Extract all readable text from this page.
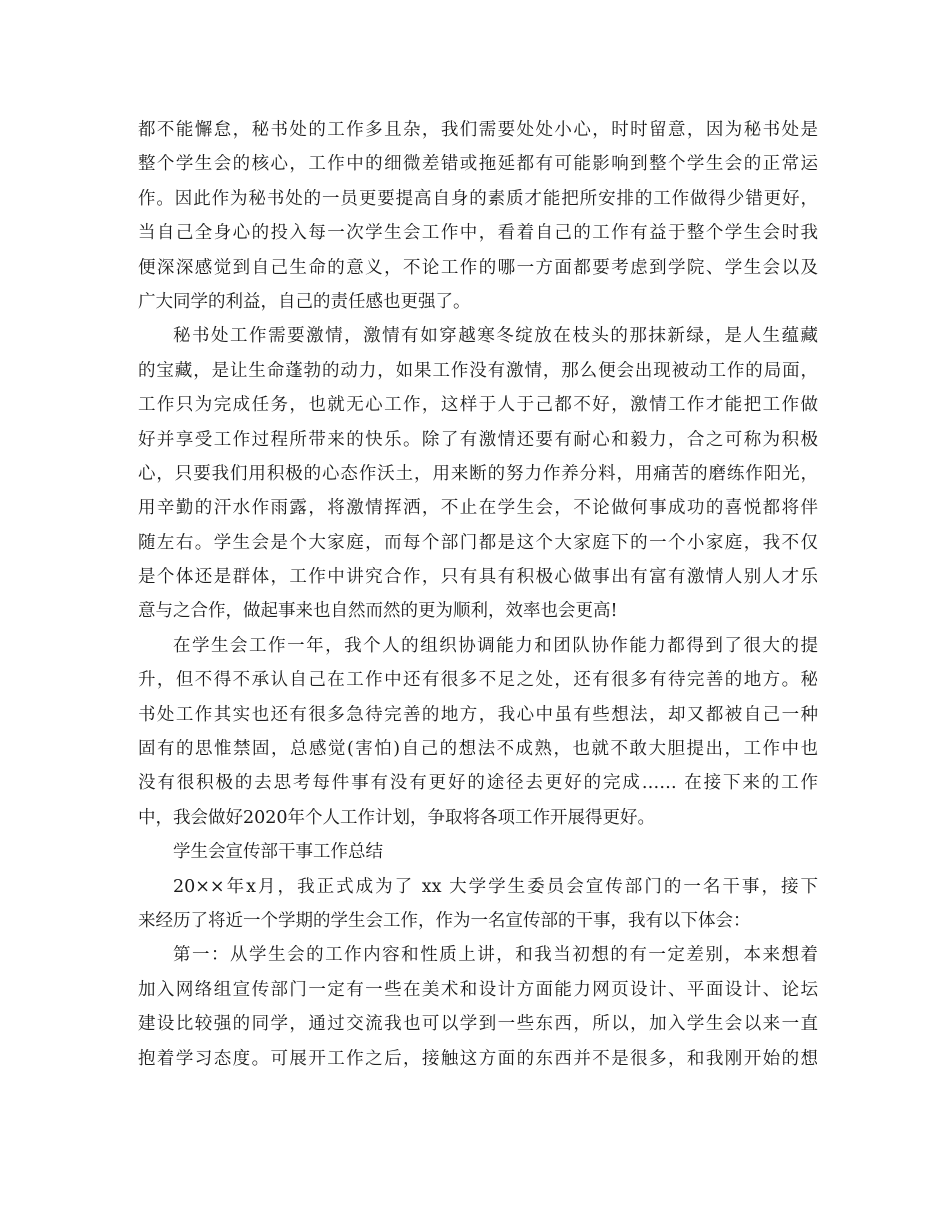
都不能懈怠，秘书处的工作多且杂，我们需要处处小心，时时留意，因为秘书处是
整个学生会的核心，工作中的细微差错或拖延都有可能影响到整个学生会的正常运
作。因此作为秘书处的一员更要提高自身的素质才能把所安排的工作做得少错更好，
当自己全身心的投入每一次学生会工作中，看着自己的工作有益于整个学生会时我
便深深感觉到自己生命的意义，不论工作的哪一方面都要考虑到学院、学生会以及
广大同学的利益，自己的责任感也更强了。
秘书处工作需要激情，激情有如穿越寒冬绽放在枝头的那抹新绿，是人生蕴藏
的宝藏，是让生命蓬勃的动力，如果工作没有激情，那么便会出现被动工作的局面，
工作只为完成任务，也就无心工作，这样于人于己都不好，激情工作才能把工作做
好并享受工作过程所带来的快乐。除了有激情还要有耐心和毅力，合之可称为积极
心，只要我们用积极的心态作沃土，用来断的努力作养分料，用痛苦的磨练作阳光，
用辛勤的汗水作雨露，将激情挥洒，不止在学生会，不论做何事成功的喜悦都将伴
随左右。学生会是个大家庭，而每个部门都是这个大家庭下的一个小家庭，我不仅
是个体还是群体，工作中讲究合作，只有具有积极心做事出有富有激情人别人才乐
意与之合作，做起事来也自然而然的更为顺利，效率也会更高!
在学生会工作一年，我个人的组织协调能力和团队协作能力都得到了很大的提
升，但不得不承认自己在工作中还有很多不足之处，还有很多有待完善的地方。秘
书处工作其实也还有很多急待完善的地方，我心中虽有些想法，却又都被自己一种
固有的思惟禁固，总感觉(害怕)自己的想法不成熟，也就不敢大胆提出，工作中也
没有很积极的去思考每件事有没有更好的途径去更好的完成…… 在接下来的工作
中，我会做好2020年个人工作计划，争取将各项工作开展得更好。
学生会宣传部干事工作总结
20××年x月，我正式成为了 xx 大学学生委员会宣传部门的一名干事，接下
来经历了将近一个学期的学生会工作，作为一名宣传部的干事，我有以下体会：
第一：从学生会的工作内容和性质上讲，和我当初想的有一定差别，本来想着
加入网络组宣传部门一定有一些在美术和设计方面能力网页设计、平面设计、论坛
建设比较强的同学，通过交流我也可以学到一些东西，所以，加入学生会以来一直
抱着学习态度。可展开工作之后，接触这方面的东西并不是很多，和我刚开始的想
